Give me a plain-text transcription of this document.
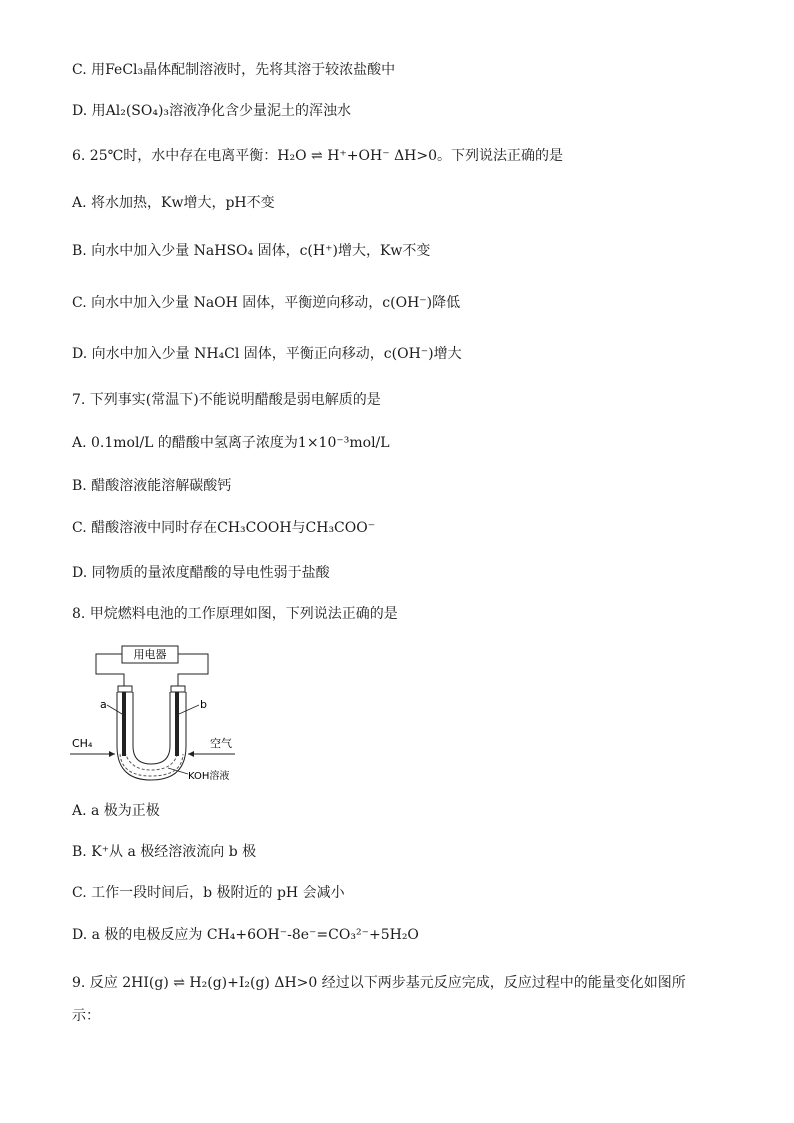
C. 用FeCl₃晶体配制溶液时，先将其溶于较浓盐酸中
D. 用Al₂(SO₄)₃溶液净化含少量泥土的浑浊水
6. 25℃时，水中存在电离平衡：H₂O ⇌ H⁺+OH⁻ ΔH>0。下列说法正确的是
A. 将水加热，Kw增大，pH不变
B. 向水中加入少量 NaHSO₄ 固体，c(H⁺)增大，Kw不变
C. 向水中加入少量 NaOH 固体，平衡逆向移动，c(OH⁻)降低
D. 向水中加入少量 NH₄Cl 固体，平衡正向移动，c(OH⁻)增大
7. 下列事实(常温下)不能说明醋酸是弱电解质的是
A. 0.1mol/L 的醋酸中氢离子浓度为1×10⁻³mol/L
B. 醋酸溶液能溶解碳酸钙
C. 醋酸溶液中同时存在CH₃COOH与CH₃COO⁻
D. 同物质的量浓度醋酸的导电性弱于盐酸
8. 甲烷燃料电池的工作原理如图，下列说法正确的是
A. a 极为正极
B. K⁺从 a 极经溶液流向 b 极
C. 工作一段时间后，b 极附近的 pH 会减小
D. a 极的电极反应为 CH₄+6OH⁻-8e⁻=CO₃²⁻+5H₂O
9. 反应 2HI(g) ⇌ H₂(g)+I₂(g) ΔH>0 经过以下两步基元反应完成，反应过程中的能量变化如图所
示：
用电器
a	b
CH₄	空气
KOH溶液
